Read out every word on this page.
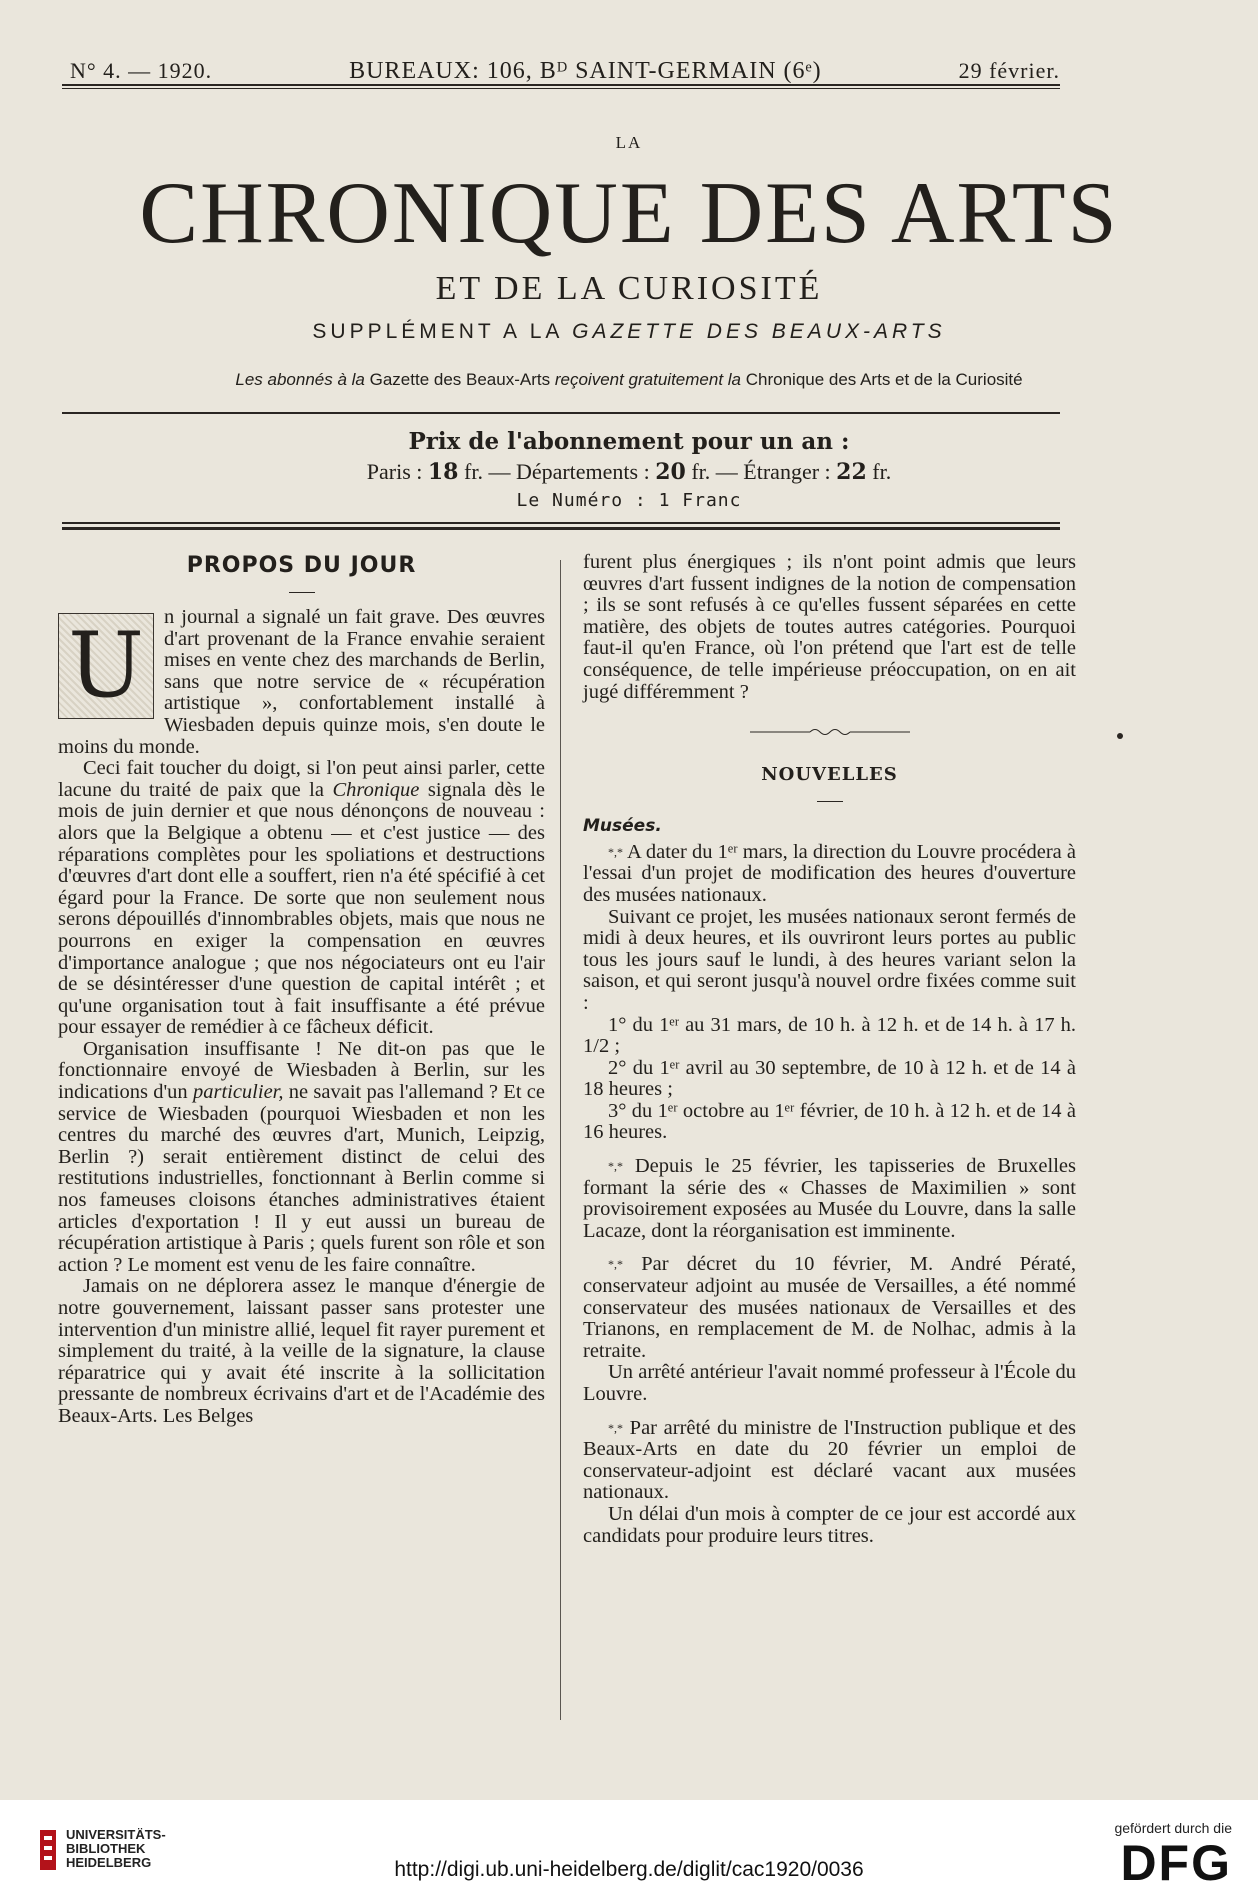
N° 4. — 1920.	BUREAUX: 106, Bᴰ SAINT-GERMAIN (6ᵉ)	29 février.
LA
CHRONIQUE DES ARTS
ET DE LA CURIOSITÉ
SUPPLÉMENT A LA GAZETTE DES BEAUX-ARTS
Les abonnés à la Gazette des Beaux-Arts reçoivent gratuitement la Chronique des Arts et de la Curiosité
Prix de l'abonnement pour un an :
Paris : 18 fr. — Départements : 20 fr. — Étranger : 22 fr.
Le Numéro : 1 Franc
PROPOS DU JOUR
U n journal a signalé un fait grave. Des œuvres d'art provenant de la France envahie seraient mises en vente chez des marchands de Berlin, sans que notre service de « récupération artistique », confortablement installé à Wiesbaden depuis quinze mois, s'en doute le moins du monde.

Ceci fait toucher du doigt, si l'on peut ainsi parler, cette lacune du traité de paix que la Chronique signala dès le mois de juin dernier et que nous dénonçons de nouveau : alors que la Belgique a obtenu — et c'est justice — des réparations complètes pour les spoliations et destructions d'œuvres d'art dont elle a souffert, rien n'a été spécifié à cet égard pour la France. De sorte que non seulement nous serons dépouillés d'innombrables objets, mais que nous ne pourrons en exiger la compensation en œuvres d'importance analogue ; que nos négociateurs ont eu l'air de se désintéresser d'une question de capital intérêt ; et qu'une organisation tout à fait insuffisante a été prévue pour essayer de remédier à ce fâcheux déficit.

Organisation insuffisante ! Ne dit-on pas que le fonctionnaire envoyé de Wiesbaden à Berlin, sur les indications d'un particulier, ne savait pas l'allemand ? Et ce service de Wiesbaden (pourquoi Wiesbaden et non les centres du marché des œuvres d'art, Munich, Leipzig, Berlin ?) serait entièrement distinct de celui des restitutions industrielles, fonctionnant à Berlin comme si nos fameuses cloisons étanches administratives étaient articles d'exportation ! Il y eut aussi un bureau de récupération artistique à Paris ; quels furent son rôle et son action ? Le moment est venu de les faire connaître.

Jamais on ne déplorera assez le manque d'énergie de notre gouvernement, laissant passer sans protester une intervention d'un ministre allié, lequel fit rayer purement et simplement du traité, à la veille de la signature, la clause réparatrice qui y avait été inscrite à la sollicitation pressante de nombreux écrivains d'art et de l'Académie des Beaux-Arts. Les Belges

furent plus énergiques ; ils n'ont point admis que leurs œuvres d'art fussent indignes de la notion de compensation ; ils se sont refusés à ce qu'elles fussent séparées en cette matière, des objets de toutes autres catégories. Pourquoi faut-il qu'en France, où l'on prétend que l'art est de telle conséquence, de telle impérieuse préoccupation, on en ait jugé différemment ?

NOUVELLES
Musées.

*,* A dater du 1ᵉʳ mars, la direction du Louvre procédera à l'essai d'un projet de modification des heures d'ouverture des musées nationaux.

Suivant ce projet, les musées nationaux seront fermés de midi à deux heures, et ils ouvriront leurs portes au public tous les jours sauf le lundi, à des heures variant selon la saison, et qui seront jusqu'à nouvel ordre fixées comme suit :

1° du 1ᵉʳ au 31 mars, de 10 h. à 12 h. et de 14 h. à 17 h. 1/2 ;

2° du 1ᵉʳ avril au 30 septembre, de 10 à 12 h. et de 14 à 18 heures ;

3° du 1ᵉʳ octobre au 1ᵉʳ février, de 10 h. à 12 h. et de 14 à 16 heures.

*,* Depuis le 25 février, les tapisseries de Bruxelles formant la série des « Chasses de Maximilien » sont provisoirement exposées au Musée du Louvre, dans la salle Lacaze, dont la réorganisation est imminente.

*,* Par décret du 10 février, M. André Pératé, conservateur adjoint au musée de Versailles, a été nommé conservateur des musées nationaux de Versailles et des Trianons, en remplacement de M. de Nolhac, admis à la retraite.

Un arrêté antérieur l'avait nommé professeur à l'École du Louvre.

*,* Par arrêté du ministre de l'Instruction publique et des Beaux-Arts en date du 20 février un emploi de conservateur-adjoint est déclaré vacant aux musées nationaux.

Un délai d'un mois à compter de ce jour est accordé aux candidats pour produire leurs titres.

UNIVERSITÄTS-
BIBLIOTHEK
HEIDELBERG	http://digi.ub.uni-heidelberg.de/diglit/cac1920/0036
gefördert durch die
DFG
